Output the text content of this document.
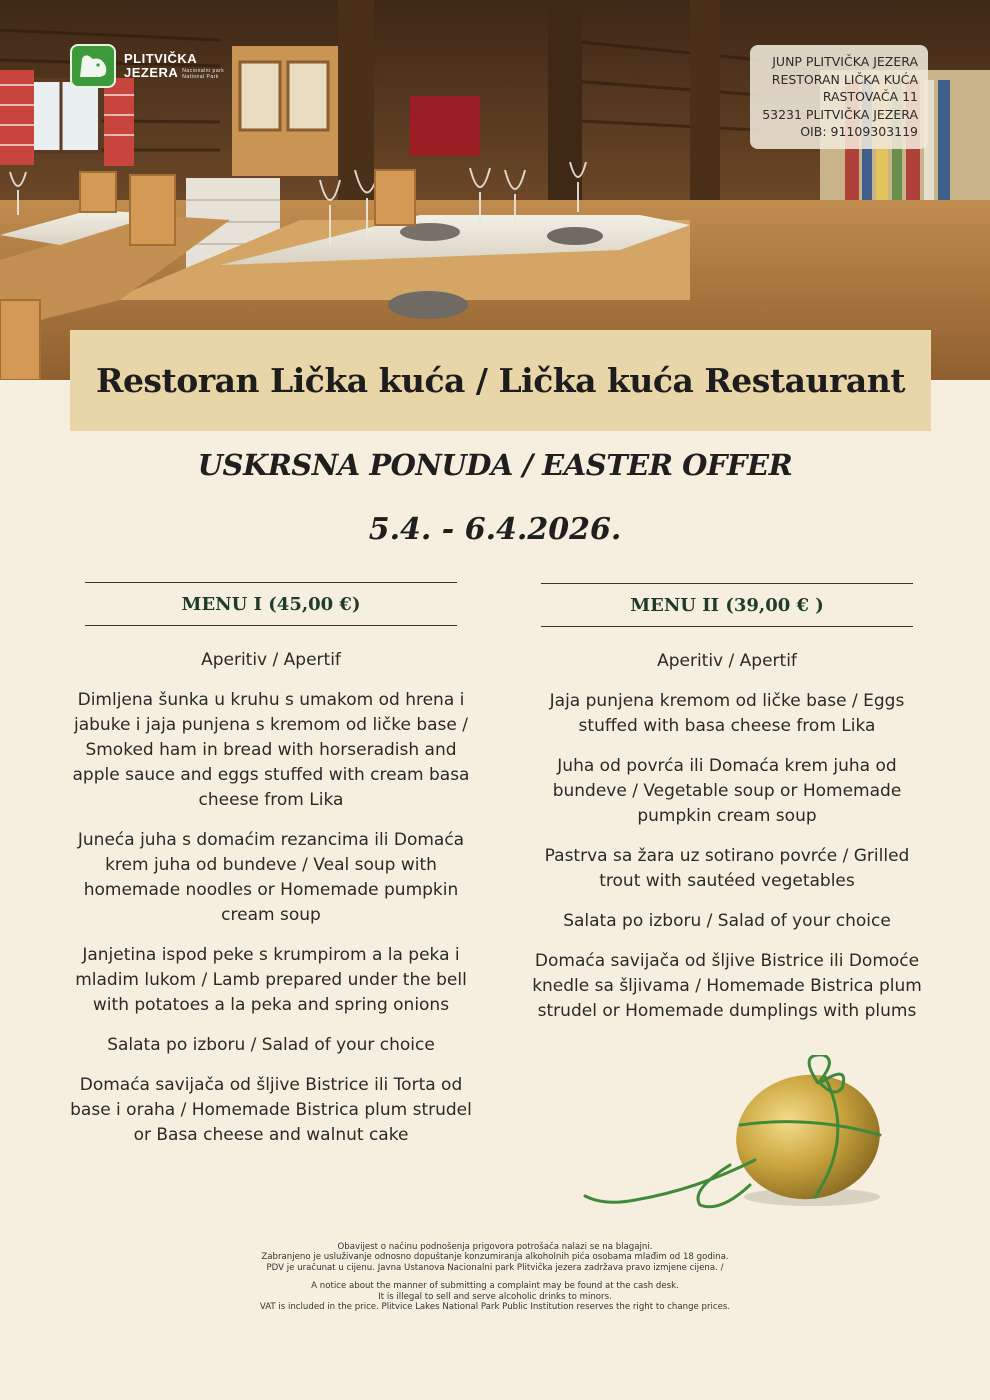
PLITVIČKA
JEZERA Nacionalni park
National Park
JUNP PLITVIČKA JEZERA
RESTORAN LIČKA KUĆA
RASTOVAČA 11
53231 PLITVIČKA JEZERA
OIB: 91109303119
Restoran Lička kuća / Lička kuća Restaurant
USKRSNA PONUDA / EASTER OFFER
5.4. - 6.4.2026.
MENU I (45,00 €)

Aperitiv / Apertif

Dimljena šunka u kruhu s umakom od hrena i jabuke i jaja punjena s kremom od ličke base / Smoked ham in bread with horseradish and apple sauce and eggs stuffed with cream basa cheese from Lika

Juneća juha s domaćim rezancima ili Domaća krem juha od bundeve / Veal soup with homemade noodles or Homemade pumpkin cream soup

Janjetina ispod peke s krumpirom a la peka i mladim lukom / Lamb prepared under the bell with potatoes a la peka and spring onions

Salata po izboru / Salad of your choice

Domaća savijača od šljive Bistrice ili Torta od base i oraha / Homemade Bistrica plum strudel or Basa cheese and walnut cake

MENU II (39,00 € )

Aperitiv / Apertif

Jaja punjena kremom od ličke base / Eggs stuffed with basa cheese from Lika

Juha od povrća ili Domaća krem juha od bundeve / Vegetable soup or Homemade pumpkin cream soup

Pastrva sa žara uz sotirano povrće / Grilled trout with sautéed vegetables

Salata po izboru / Salad of your choice

Domaća savijača od šljive Bistrice ili Domoće knedle sa šljivama / Homemade Bistrica plum strudel or Homemade dumplings with plums

Obavijest o načinu podnošenja prigovora potrošača nalazi se na blagajni.
Zabranjeno je usluživanje odnosno dopuštanje konzumiranja alkoholnih pića osobama mlađim od 18 godina.
PDV je uračunat u cijenu. Javna Ustanova Nacionalni park Plitvička jezera zadržava pravo izmjene cijena. /
A notice about the manner of submitting a complaint may be found at the cash desk.
It is illegal to sell and serve alcoholic drinks to minors.
VAT is included in the price. Plitvice Lakes National Park Public Institution reserves the right to change prices.
